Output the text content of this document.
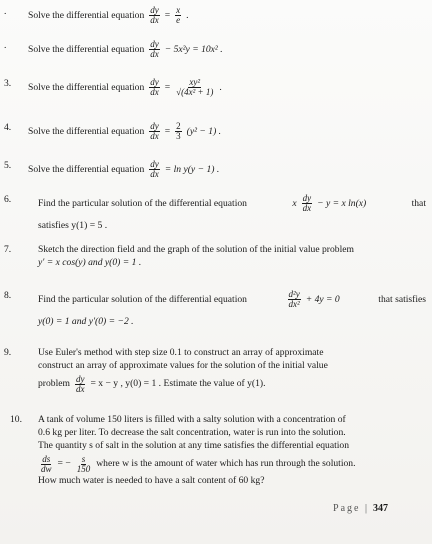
.	Solve the differential equation $\frac{dy}{dx} = \frac{x}{e}$ .
.	Solve the differential equation $\frac{dy}{dx} - 5x^2y = 10x^2$ .
3.	Solve the differential equation $\frac{dy}{dx} = \frac{\text{xy²}}{\text{√(4x² + 1)}}$ .
4.	Solve the differential equation $\frac{dy}{dx} = \frac{2}{3} (y^2 - 1)$ .
5.	Solve the differential equation $\frac{dy}{dx} = \ln y(y - 1)$ .
6.	Find the particular solution of the differential equation	x $\frac{dy}{dx} - y = x$ ln(x)	that
satisfies y(1) = 5 .
7.	Sketch the direction field and the graph of the solution of the initial value problem
y′ = x cos(y) and y(0) = 1 .
8.	Find the particular solution of the differential equation	$\frac{\text{d²y}}{\text{dx²}} + 4y = 0$	that satisfies
y(0) = 1 and y′(0) = −2 .
9.	Use Euler's method with step size 0.1 to construct an array of approximate
construct an array of approximate values for the solution of the initial value
problem $\frac{dy}{dx} = x - y$ , y(0) = 1 . Estimate the value of y(1).
10.	A tank of volume 150 liters is filled with a salty solution with a concentration of
0.6 kg per liter. To decrease the salt concentration, water is run into the solution.
The quantity s of salt in the solution at any time satisfies the differential equation
$\frac{ds}{dw}$ = − $\frac{s}{150}$ where w is the amount of water which has run through the solution.
How much water is needed to have a salt content of 60 kg?
Page | 347
